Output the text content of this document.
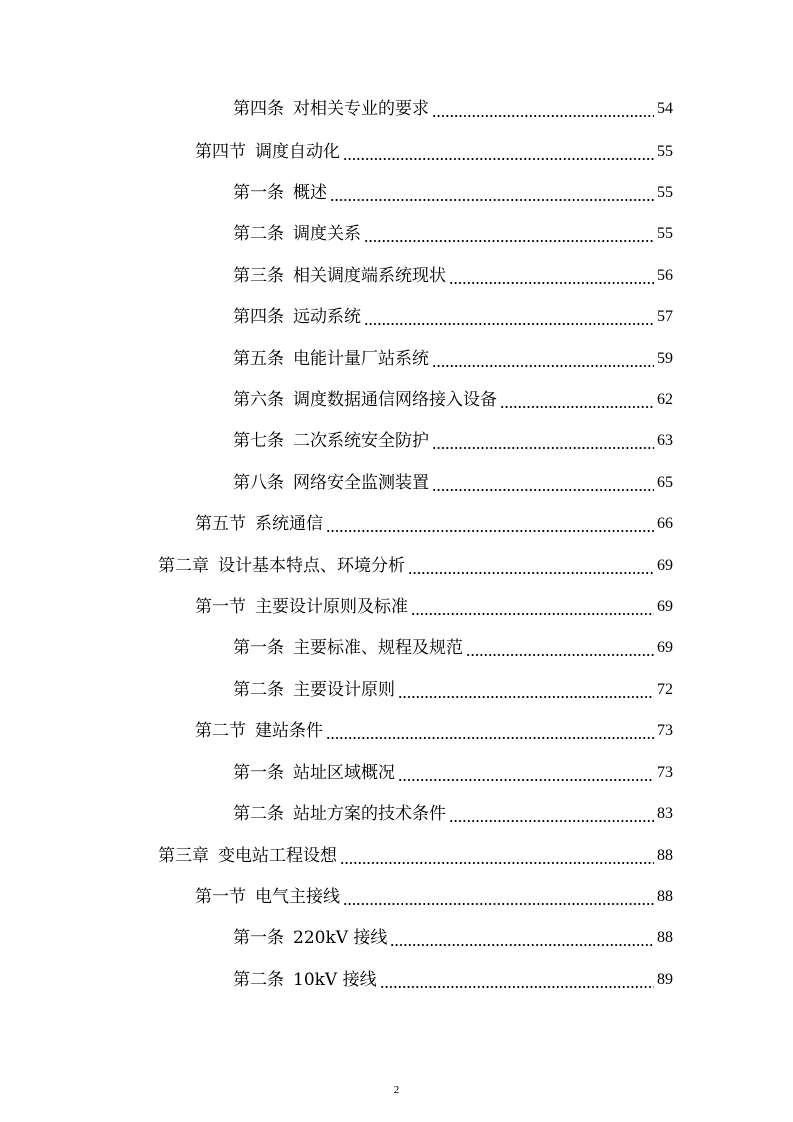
第四条 对相关专业的要求	54
第四节 调度自动化	55
第一条 概述	55
第二条 调度关系	55
第三条 相关调度端系统现状	56
第四条 远动系统	57
第五条 电能计量厂站系统	59
第六条 调度数据通信网络接入设备	62
第七条 二次系统安全防护	63
第八条 网络安全监测装置	65
第五节 系统通信	66
第二章 设计基本特点、环境分析	69
第一节 主要设计原则及标准	69
第一条 主要标准、规程及规范	69
第二条 主要设计原则	72
第二节 建站条件	73
第一条 站址区域概况	73
第二条 站址方案的技术条件	83
第三章 变电站工程设想	88
第一节 电气主接线	88
第一条 220kV 接线	88
第二条 10kV 接线	89
2
